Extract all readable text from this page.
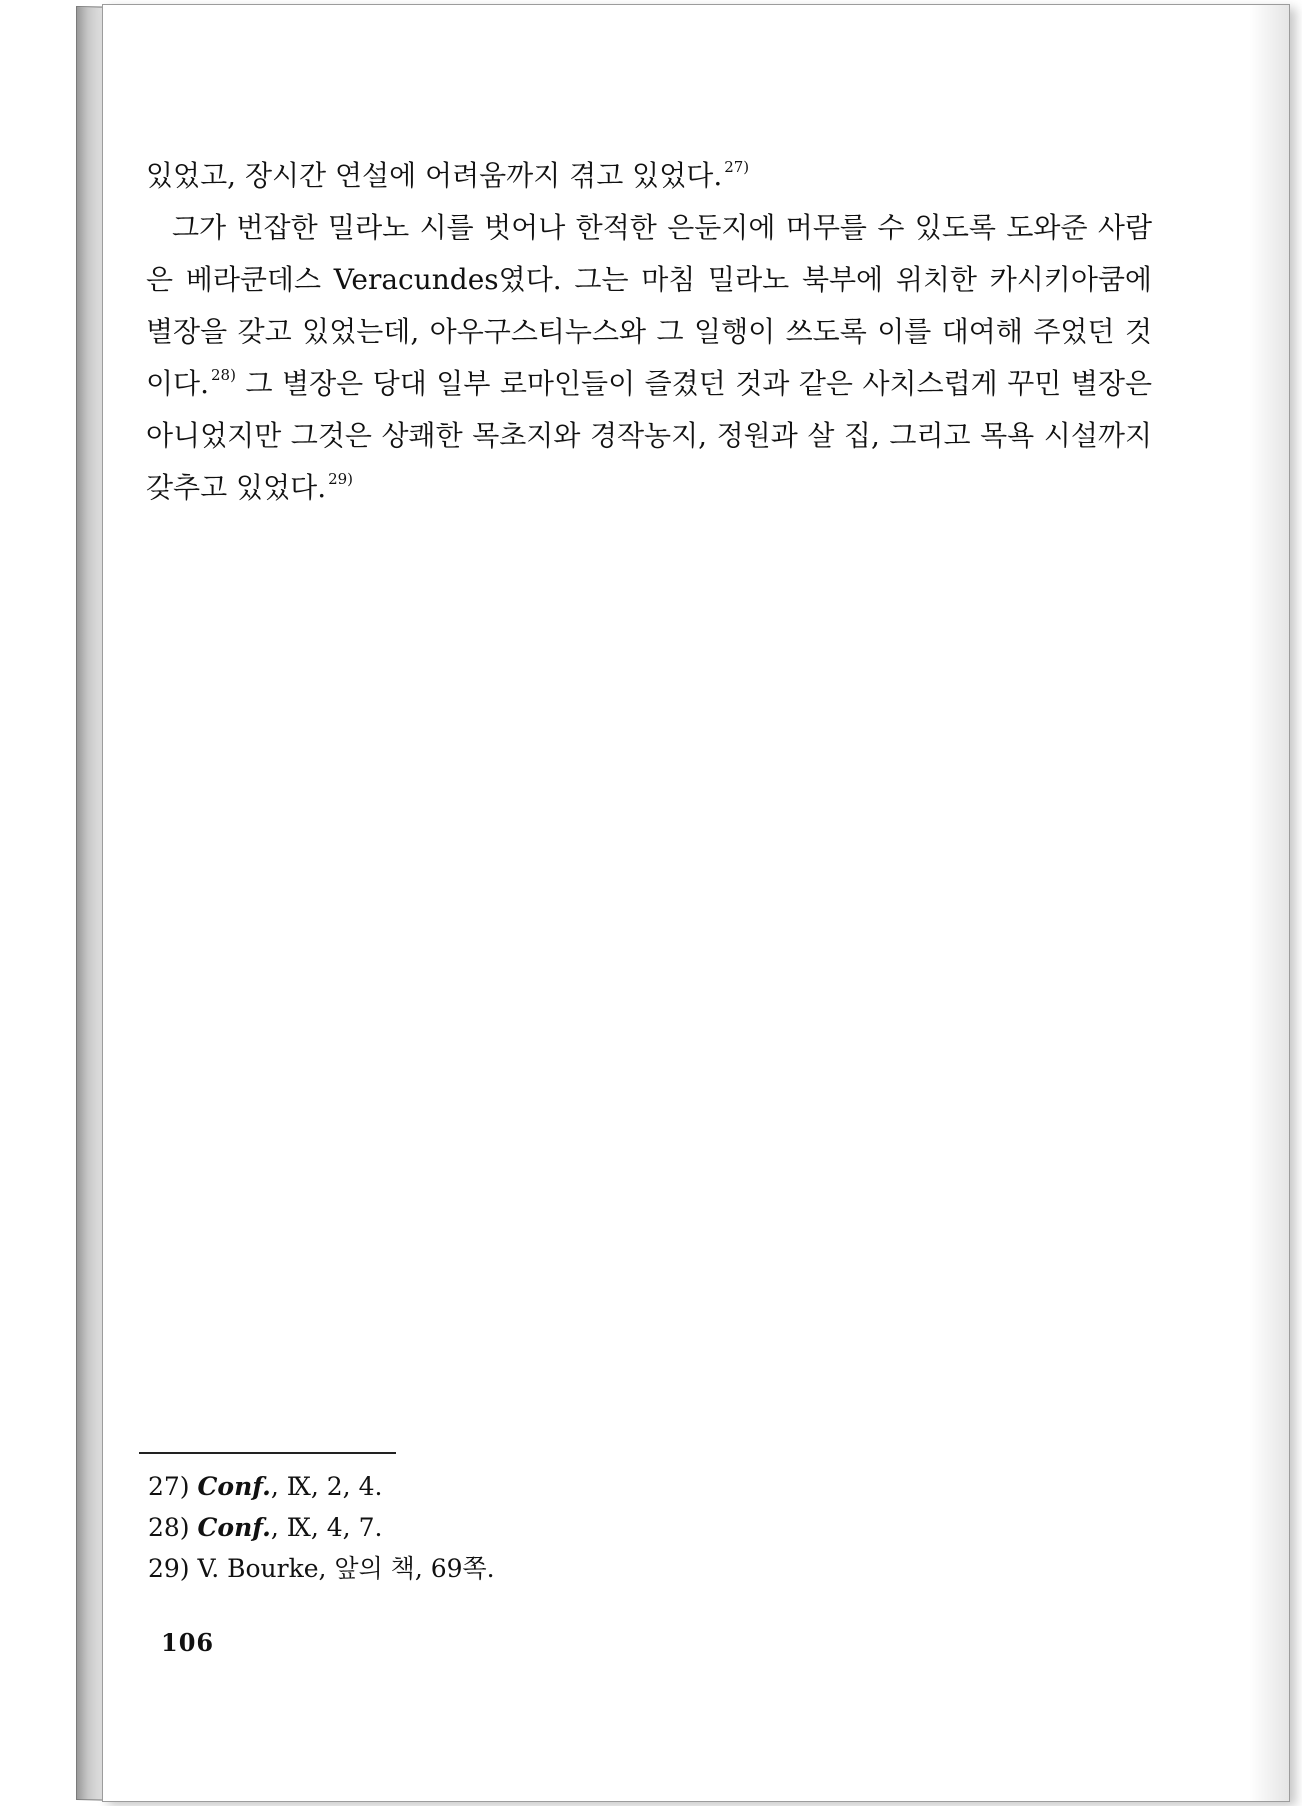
있었고, 장시간 연설에 어려움까지 겪고 있었다. $^{27)}$

그가 번잡한 밀라노 시를 벗어나 한적한 은둔지에 머무를 수 있도록 도와준 사람은 베라쿤데스 Veracundes였다. 그는 마침 밀라노 북부에 위치한 카시키아쿰에 별장을 갖고 있었는데, 아우구스티누스와 그 일행이 쓰도록 이를 대여해 주었던 것이다. $^{28)}$ 그 별장은 당대 일부 로마인들이 즐겼던 것과 같은 사치스럽게 꾸민 별장은 아니었지만 그것은 상쾌한 목초지와 경작농지, 정원과 살 집, 그리고 목욕 시설까지 갖추고 있었다. $^{29)}$

27) Conf., Ⅸ, 2, 4.
28) Conf., Ⅸ, 4, 7.
29) V. Bourke, 앞의 책, 69쪽.
106
